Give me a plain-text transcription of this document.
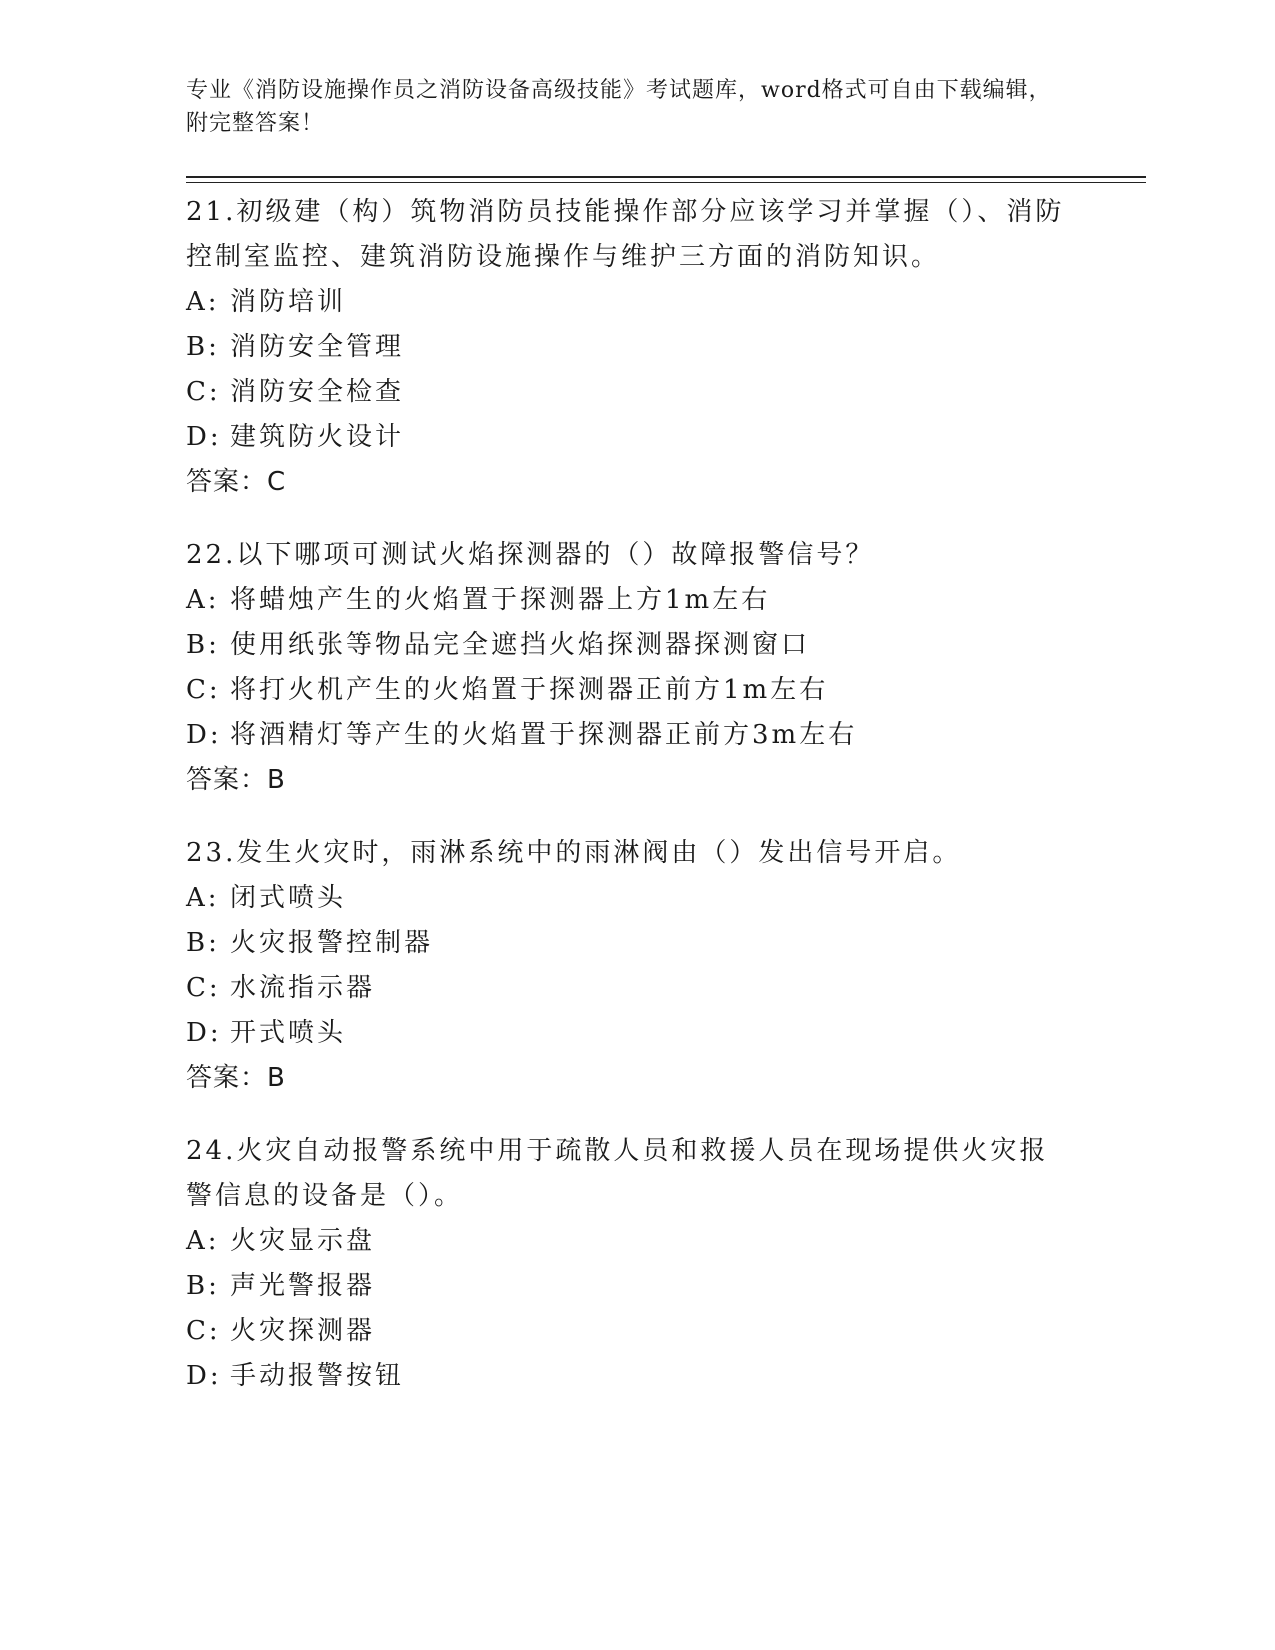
专业《消防设施操作员之消防设备高级技能》考试题库，word格式可自由下载编辑，附完整答案！

21.初级建（构）筑物消防员技能操作部分应该学习并掌握（）、消防控制室监控、建筑消防设施操作与维护三方面的消防知识。

A: 消防培训

B: 消防安全管理

C: 消防安全检查

D: 建筑防火设计

答案：C

22.以下哪项可测试火焰探测器的（）故障报警信号？

A: 将蜡烛产生的火焰置于探测器上方1m左右

B: 使用纸张等物品完全遮挡火焰探测器探测窗口

C: 将打火机产生的火焰置于探测器正前方1m左右

D: 将酒精灯等产生的火焰置于探测器正前方3m左右

答案：B

23.发生火灾时，雨淋系统中的雨淋阀由（）发出信号开启。

A: 闭式喷头

B: 火灾报警控制器

C: 水流指示器

D: 开式喷头

答案：B

24.火灾自动报警系统中用于疏散人员和救援人员在现场提供火灾报警信息的设备是（）。

A: 火灾显示盘

B: 声光警报器

C: 火灾探测器

D: 手动报警按钮
